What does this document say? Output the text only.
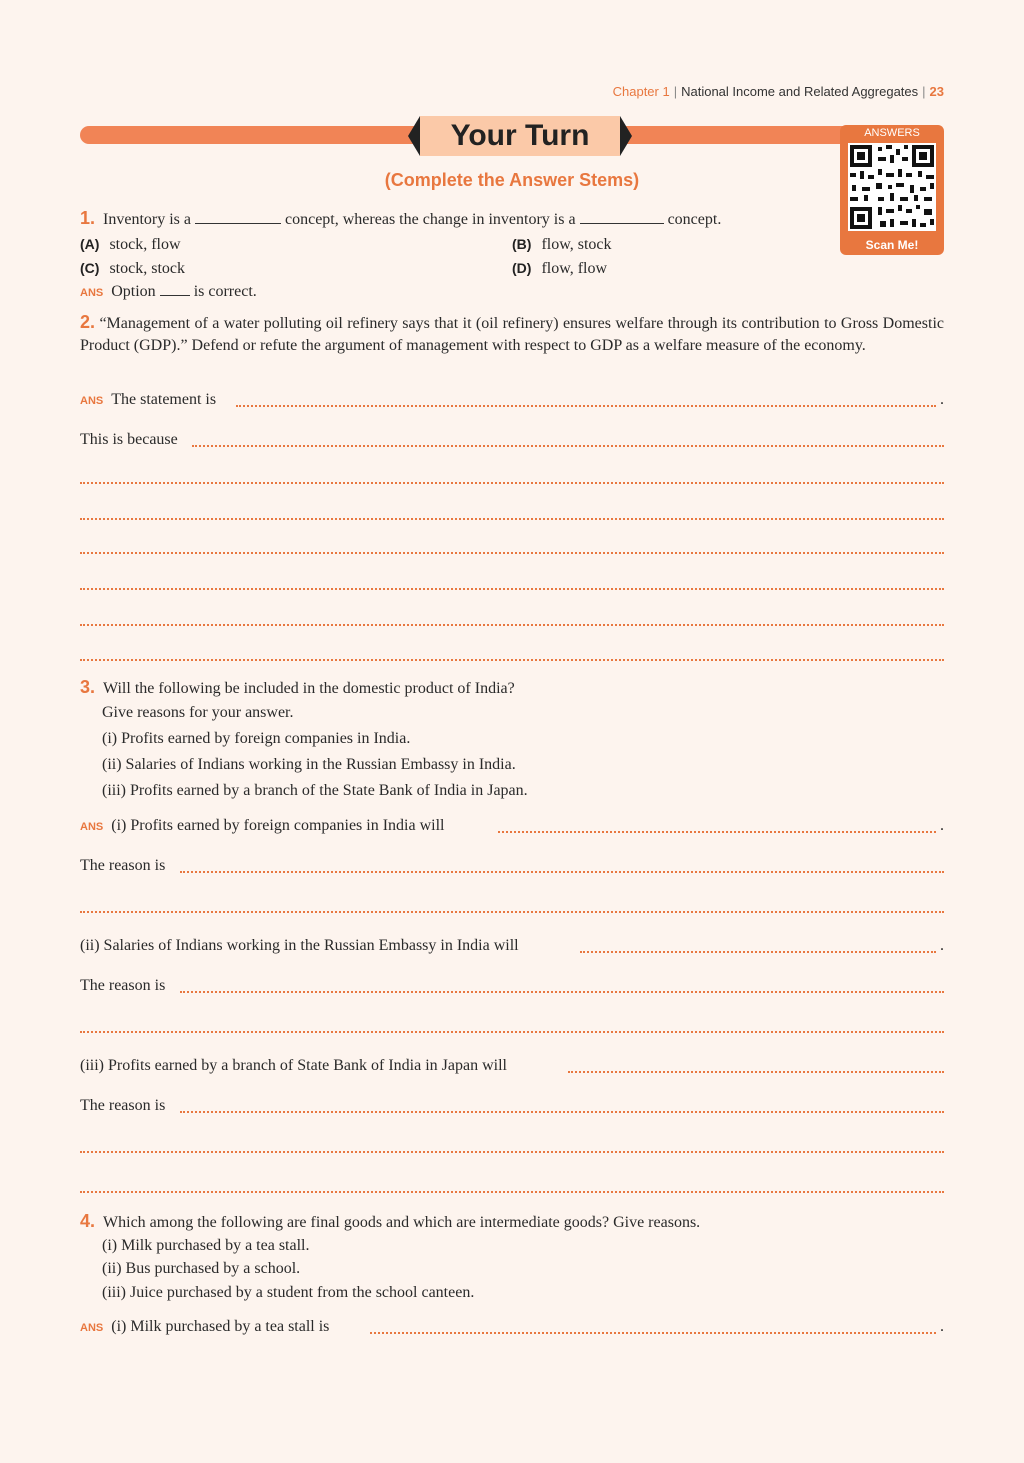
Chapter 1 | National Income and Related Aggregates | 23
Your Turn
(Complete the Answer Stems)
ANSWERS
Scan Me!
1. Inventory is a	concept, whereas the change in inventory is a	concept.
(A) stock, flow	(B) flow, stock
(C) stock, stock	(D) flow, flow
ANS Option is correct.
2. “Management of a water polluting oil refinery says that it (oil refinery) ensures welfare through its contribution to Gross Domestic Product (GDP).” Defend or refute the argument of management with respect to GDP as a welfare measure of the economy.
ANS The statement is	.
This is because
3. Will the following be included in the domestic product of India?
Give reasons for your answer.
(i) Profits earned by foreign companies in India.
(ii) Salaries of Indians working in the Russian Embassy in India.
(iii) Profits earned by a branch of the State Bank of India in Japan.
ANS (i) Profits earned by foreign companies in India will	.
The reason is
(ii) Salaries of Indians working in the Russian Embassy in India will	.
The reason is
(iii) Profits earned by a branch of State Bank of India in Japan will
The reason is
4. Which among the following are final goods and which are intermediate goods? Give reasons.
(i) Milk purchased by a tea stall.
(ii) Bus purchased by a school.
(iii) Juice purchased by a student from the school canteen.
ANS (i) Milk purchased by a tea stall is	.
